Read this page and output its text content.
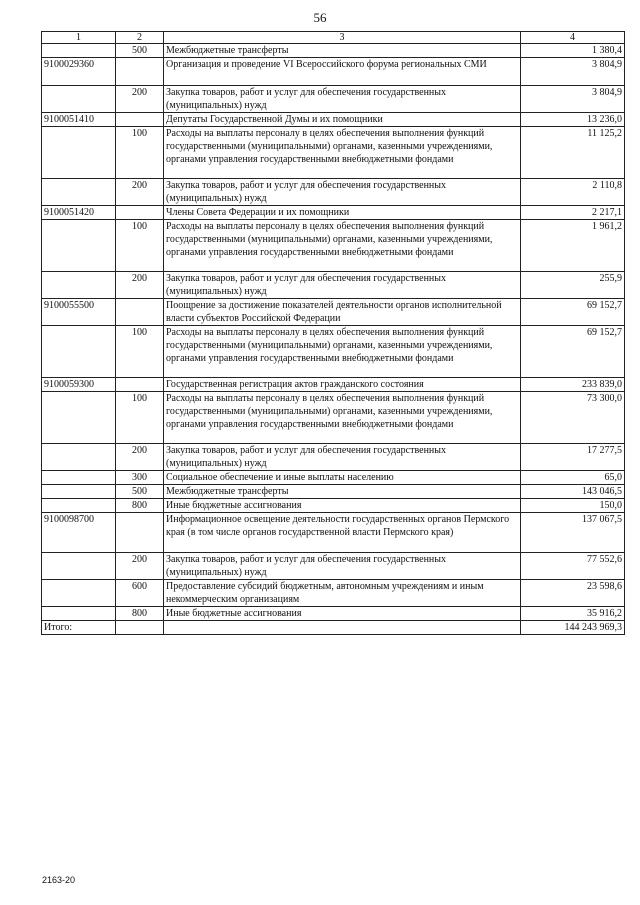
56
1	2	3	4
	500	Межбюджетные трансферты	1 380,4
9100029360		Организация и проведение VI Всероссийского форума региональных СМИ	3 804,9
	200	Закупка товаров, работ и услуг для обеспечения государственных (муниципальных) нужд	3 804,9
9100051410		Депутаты Государственной Думы и их помощники	13 236,0
	100	Расходы на выплаты персоналу в целях обеспечения выполнения функций государственными (муниципальными) органами, казенными учреждениями, органами управления государственными внебюджетными фондами	11 125,2
	200	Закупка товаров, работ и услуг для обеспечения государственных (муниципальных) нужд	2 110,8
9100051420		Члены Совета Федерации и их помощники	2 217,1
	100	Расходы на выплаты персоналу в целях обеспечения выполнения функций государственными (муниципальными) органами, казенными учреждениями, органами управления государственными внебюджетными фондами	1 961,2
	200	Закупка товаров, работ и услуг для обеспечения государственных (муниципальных) нужд	255,9
9100055500		Поощрение за достижение показателей деятельности органов исполнительной власти субъектов Российской Федерации	69 152,7
	100	Расходы на выплаты персоналу в целях обеспечения выполнения функций государственными (муниципальными) органами, казенными учреждениями, органами управления государственными внебюджетными фондами	69 152,7
9100059300		Государственная регистрация актов гражданского состояния	233 839,0
	100	Расходы на выплаты персоналу в целях обеспечения выполнения функций государственными (муниципальными) органами, казенными учреждениями, органами управления государственными внебюджетными фондами	73 300,0
	200	Закупка товаров, работ и услуг для обеспечения государственных (муниципальных) нужд	17 277,5
	300	Социальное обеспечение и иные выплаты населению	65,0
	500	Межбюджетные трансферты	143 046,5
	800	Иные бюджетные ассигнования	150,0
9100098700		Информационное освещение деятельности государственных органов Пермского края (в том числе органов государственной власти Пермского края)	137 067,5
	200	Закупка товаров, работ и услуг для обеспечения государственных (муниципальных) нужд	77 552,6
	600	Предоставление субсидий бюджетным, автономным учреждениям и иным некоммерческим организациям	23 598,6
	800	Иные бюджетные ассигнования	35 916,2
Итого:			144 243 969,3
2163-20
